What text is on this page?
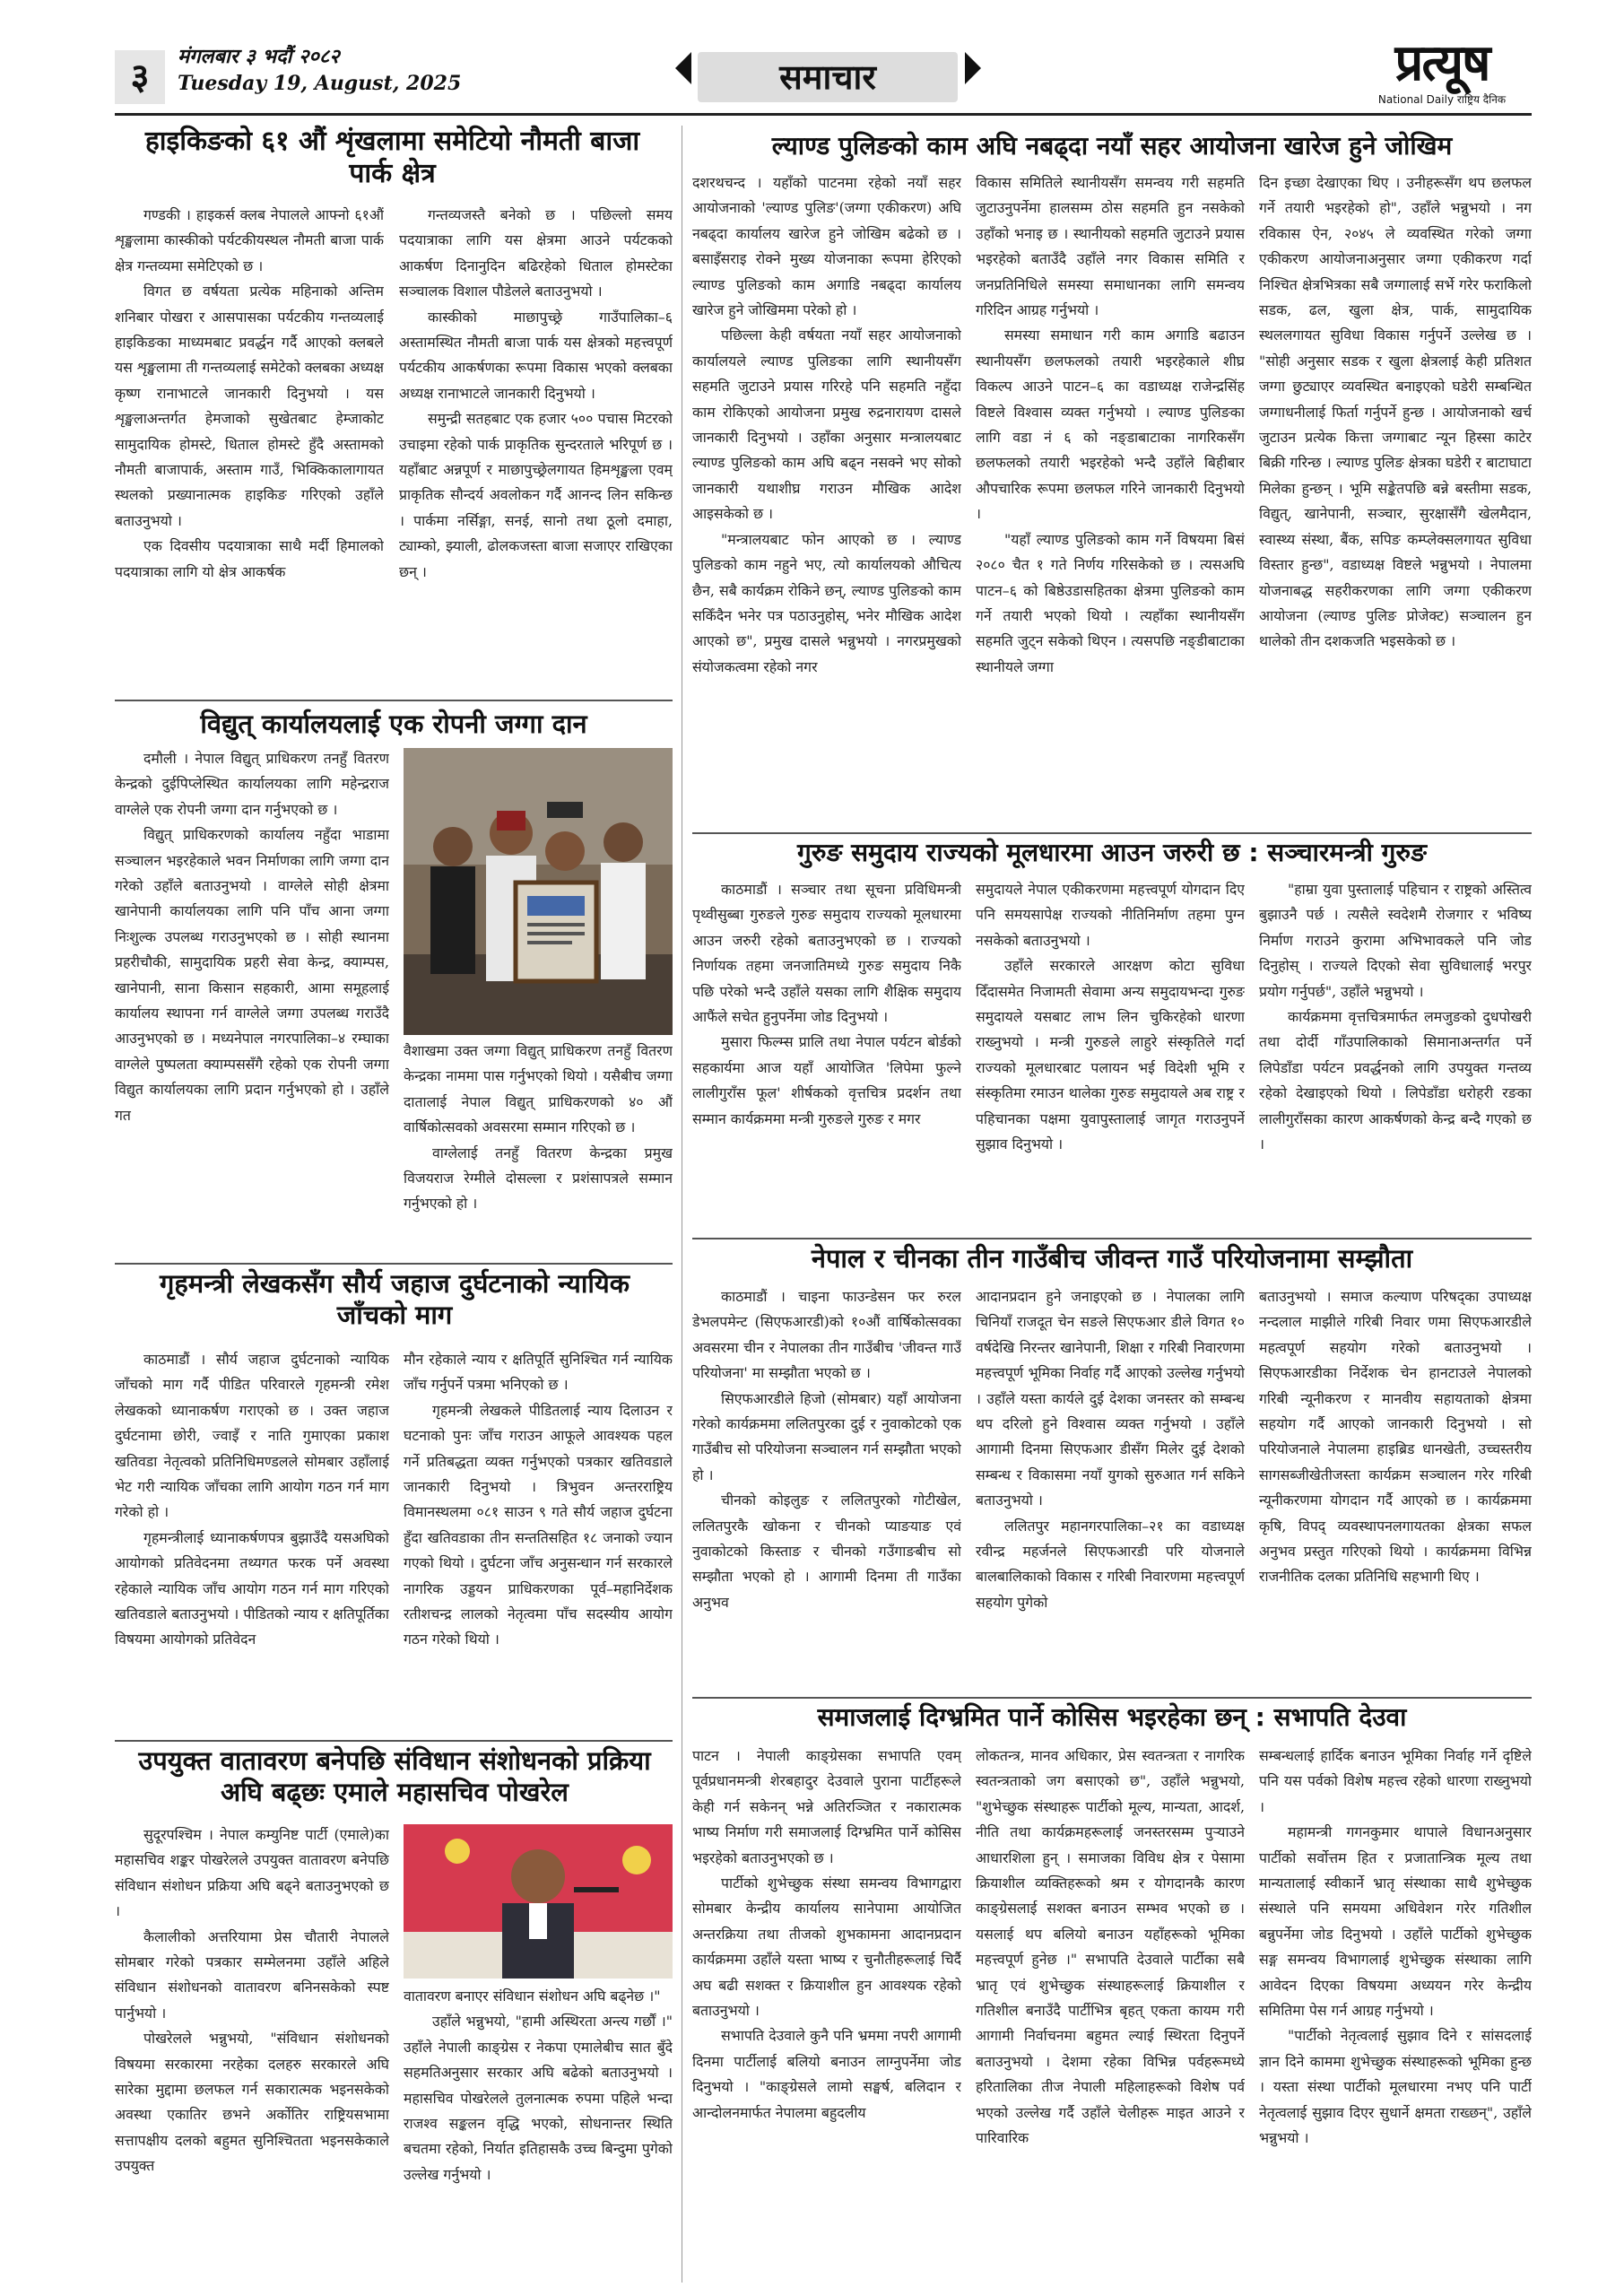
३	मंगलबार ३ भदौं २०८२
Tuesday 19, August, 2025	समाचार	प्रत्यूष
National Daily राष्ट्रिय दैनिक
हाइकिङको ६१ औं शृंखलामा समेटियो नौमती बाजा पार्क क्षेत्र

गण्डकी । हाइकर्स क्लब नेपालले आफ्नो ६१औं शृङ्खलामा कास्कीको पर्यटकीयस्थल नौमती बाजा पार्क क्षेत्र गन्तव्यमा समेटिएको छ ।

विगत छ वर्षयता प्रत्येक महिनाको अन्तिम शनिबार पोखरा र आसपासका पर्यटकीय गन्तव्यलाई हाइकिङका माध्यमबाट प्रवर्द्धन गर्दै आएको क्लबले यस शृङ्खलामा ती गन्तव्यलाई समेटेको क्लबका अध्यक्ष कृष्ण रानाभाटले जानकारी दिनुभयो । यस शृङ्खलाअन्तर्गत हेमजाको सुखेतबाट हेम्जाकोट सामुदायिक होमस्टे, धिताल होमस्टे हुँदै अस्तामको नौमती बाजापार्क, अस्ताम गाउँ, भिक्किकालागायत स्थलको प्रख्यानात्मक हाइकिङ गरिएको उहाँले बताउनुभयो ।

एक दिवसीय पदयात्राका साथै मर्दी हिमालको पदयात्राका लागि यो क्षेत्र आकर्षक

गन्तव्यजस्तै बनेको छ । पछिल्लो समय पदयात्राका लागि यस क्षेत्रमा आउने पर्यटकको आकर्षण दिनानुदिन बढिरहेको धिताल होमस्टेका सञ्चालक विशाल पौडेलले बताउनुभयो ।

कास्कीको माछापुच्छ्रे गाउँपालिका–६ अस्तामस्थित नौमती बाजा पार्क यस क्षेत्रको महत्त्वपूर्ण पर्यटकीय आकर्षणका रूपमा विकास भएको क्लबका अध्यक्ष रानाभाटले जानकारी दिनुभयो ।

समुन्द्री सतहबाट एक हजार ५०० पचास मिटरको उचाइमा रहेको पार्क प्राकृतिक सुन्दरताले भरिपूर्ण छ । यहाँबाट अन्नपूर्ण र माछापुच्छ्रेलगायत हिमशृङ्खला एवम् प्राकृतिक सौन्दर्य अवलोकन गर्दै आनन्द लिन सकिन्छ । पार्कमा नर्सिङ्गा, सनई, सानो तथा ठूलो दमाहा, ट्याम्को, झ्याली, ढोलकजस्ता बाजा सजाएर राखिएका छन् ।

विद्युत् कार्यालयलाई एक रोपनी जग्गा दान

दमौली । नेपाल विद्युत् प्राधिकरण तनहुँ वितरण केन्द्रको दुईपिप्लेस्थित कार्यालयका लागि महेन्द्रराज वाग्लेले एक रोपनी जग्गा दान गर्नुभएको छ ।

विद्युत् प्राधिकरणको कार्यालय नहुँदा भाडामा सञ्चालन भइरहेकाले भवन निर्माणका लागि जग्गा दान गरेको उहाँले बताउनुभयो । वाग्लेले सोही क्षेत्रमा खानेपानी कार्यालयका लागि पनि पाँच आना जग्गा निःशुल्क उपलब्ध गराउनुभएको छ । सोही स्थानमा प्रहरीचौकी, सामुदायिक प्रहरी सेवा केन्द्र, क्याम्पस, खानेपानी, साना किसान सहकारी, आमा समूहलाई कार्यालय स्थापना गर्न वाग्लेले जग्गा उपलब्ध गराउँदै आउनुभएको छ । मध्यनेपाल नगरपालिका–४ रम्घाका वाग्लेले पुष्पलता क्याम्पससँगै रहेको एक रोपनी जग्गा विद्युत कार्यालयका लागि प्रदान गर्नुभएको हो । उहाँले गत

वैशाखमा उक्त जग्गा विद्युत् प्राधिकरण तनहुँ वितरण केन्द्रका नाममा पास गर्नुभएको थियो । यसैबीच जग्गा दातालाई नेपाल विद्युत् प्राधिकरणको ४० औं वार्षिकोत्सवको अवसरमा सम्मान गरिएको छ ।
वाग्लेलाई तनहुँ वितरण केन्द्रका प्रमुख विजयराज रेग्मीले दोसल्ला र प्रशंसापत्रले सम्मान गर्नुभएको हो ।
गृहमन्त्री लेखकसँग सौर्य जहाज दुर्घटनाको न्यायिक जाँचको माग

काठमाडौं । सौर्य जहाज दुर्घटनाको न्यायिक जाँचको माग गर्दै पीडित परिवारले गृहमन्त्री रमेश लेखकको ध्यानाकर्षण गराएको छ । उक्त जहाज दुर्घटनामा छोरी, ज्वाइँ र नाति गुमाएका प्रकाश खतिवडा नेतृत्वको प्रतिनिधिमण्डलले सोमबार उहाँलाई भेट गरी न्यायिक जाँचका लागि आयोग गठन गर्न माग गरेको हो ।

गृहमन्त्रीलाई ध्यानाकर्षणपत्र बुझाउँदै यसअघिको आयोगको प्रतिवेदनमा तथ्यगत फरक पर्ने अवस्था रहेकाले न्यायिक जाँच आयोग गठन गर्न माग गरिएको खतिवडाले बताउनुभयो । पीडितको न्याय र क्षतिपूर्तिका विषयमा आयोगको प्रतिवेदन

मौन रहेकाले न्याय र क्षतिपूर्ति सुनिश्चित गर्न न्यायिक जाँच गर्नुपर्ने पत्रमा भनिएको छ ।

गृहमन्त्री लेखकले पीडितलाई न्याय दिलाउन र घटनाको पुनः जाँच गराउन आफूले आवश्यक पहल गर्ने प्रतिबद्धता व्यक्त गर्नुभएको पत्रकार खतिवडाले जानकारी दिनुभयो । त्रिभुवन अन्तरराष्ट्रिय विमानस्थलमा ०८१ साउन ९ गते सौर्य जहाज दुर्घटना हुँदा खतिवडाका तीन सन्ततिसहित १८ जनाको ज्यान गएको थियो । दुर्घटना जाँच अनुसन्धान गर्न सरकारले नागरिक उड्डयन प्राधिकरणका पूर्व–महानिर्देशक रतीशचन्द्र लालको नेतृत्वमा पाँच सदस्यीय आयोग गठन गरेको थियो ।

उपयुक्त वातावरण बनेपछि संविधान संशोधनको प्रक्रिया अघि बढ्छः एमाले महासचिव पोखरेल

सुदूरपश्चिम । नेपाल कम्युनिष्ट पार्टी (एमाले)का महासचिव शङ्कर पोखरेलले उपयुक्त वातावरण बनेपछि संविधान संशोधन प्रक्रिया अघि बढ्ने बताउनुभएको छ ।

कैलालीको अत्तरियामा प्रेस चौतारी नेपालले सोमबार गरेको पत्रकार सम्मेलनमा उहाँले अहिले संविधान संशोधनको वातावरण बनिनसकेको स्पष्ट पार्नुभयो ।

पोखरेलले भन्नुभयो, "संविधान संशोधनको विषयमा सरकारमा नरहेका दलहरु सरकारले अघि सारेका मुद्दामा छलफल गर्न सकारात्मक भइनसकेको अवस्था एकातिर छभने अर्कोतिर राष्ट्रियसभामा सत्तापक्षीय दलको बहुमत सुनिश्चितता भइनसकेकाले उपयुक्त

वातावरण बनाएर संविधान संशोधन अघि बढ्नेछ ।"
उहाँले भन्नुभयो, "हामी अस्थिरता अन्त्य गर्छौं ।" उहाँले नेपाली काङ्ग्रेस र नेकपा एमालेबीच सात बुँदे सहमतिअनुसार सरकार अघि बढेको बताउनुभयो । महासचिव पोखरेलले तुलनात्मक रुपमा पहिले भन्दा राजश्व सङ्कलन वृद्धि भएको, सोधनान्तर स्थिति बचतमा रहेको, निर्यात इतिहासकै उच्च बिन्दुमा पुगेको उल्लेख गर्नुभयो ।
ल्याण्ड पुलिङको काम अघि नबढ्दा नयाँ सहर आयोजना खारेज हुने जोखिम

दशरथचन्द । यहाँको पाटनमा रहेको नयाँ सहर आयोजनाको 'ल्याण्ड पुलिङ'(जग्गा एकीकरण) अघि नबढ्दा कार्यालय खारेज हुने जोखिम बढेको छ । बसाइँसराइ रोक्ने मुख्य योजनाका रूपमा हेरिएको ल्याण्ड पुलिङको काम अगाडि नबढ्दा कार्यालय खारेज हुने जोखिममा परेको हो ।

पछिल्ला केही वर्षयता नयाँ सहर आयोजनाको कार्यालयले ल्याण्ड पुलिङका लागि स्थानीयसँग सहमति जुटाउने प्रयास गरिरहे पनि सहमति नहुँदा काम रोकिएको आयोजना प्रमुख रुद्रनारायण दासले जानकारी दिनुभयो । उहाँका अनुसार मन्त्रालयबाट ल्याण्ड पुलिङको काम अघि बढ्न नसक्ने भए सोको जानकारी यथाशीघ्र गराउन मौखिक आदेश आइसकेको छ ।

"मन्त्रालयबाट फोन आएको छ । ल्याण्ड पुलिङको काम नहुने भए, त्यो कार्यालयको औचित्य छैन, सबै कार्यक्रम रोकिने छन्, ल्याण्ड पुलिङको काम सकिँदैन भनेर पत्र पठाउनुहोस्, भनेर मौखिक आदेश आएको छ", प्रमुख दासले भन्नुभयो । नगरप्रमुखको संयोजकत्वमा रहेको नगर

विकास समितिले स्थानीयसँग समन्वय गरी सहमति जुटाउनुपर्नेमा हालसम्म ठोस सहमति हुन नसकेको उहाँको भनाइ छ । स्थानीयको सहमति जुटाउने प्रयास भइरहेको बताउँदै उहाँले नगर विकास समिति र जनप्रतिनिधिले समस्या समाधानका लागि समन्वय गरिदिन आग्रह गर्नुभयो ।

समस्या समाधान गरी काम अगाडि बढाउन स्थानीयसँग छलफलको तयारी भइरहेकाले शीघ्र विकल्प आउने पाटन–६ का वडाध्यक्ष राजेन्द्रसिंह विष्टले विश्वास व्यक्त गर्नुभयो । ल्याण्ड पुलिङका लागि वडा नं ६ को नङ्डाबाटाका नागरिकसँग छलफलको तयारी भइरहेको भन्दै उहाँले बिहीबार औपचारिक रूपमा छलफल गरिने जानकारी दिनुभयो ।

"यहाँ ल्याण्ड पुलिङको काम गर्ने विषयमा बिसं २०८० चैत १ गते निर्णय गरिसकेको छ । त्यसअघि पाटन–६ को बिष्ठेउडासहितका क्षेत्रमा पुलिङको काम गर्ने तयारी भएको थियो । त्यहाँका स्थानीयसँग सहमति जुट्न सकेको थिएन । त्यसपछि नङ्डीबाटाका स्थानीयले जग्गा

दिन इच्छा देखाएका थिए । उनीहरूसँग थप छलफल गर्ने तयारी भइरहेको हो", उहाँले भन्नुभयो । नग रविकास ऐन, २०४५ ले व्यवस्थित गरेको जग्गा एकीकरण आयोजनाअनुसार जग्गा एकीकरण गर्दा निश्चित क्षेत्रभित्रका सबै जग्गालाई सर्भे गरेर फराकिलो सडक, ढल, खुला क्षेत्र, पार्क, सामुदायिक स्थललगायत सुविधा विकास गर्नुपर्ने उल्लेख छ । "सोही अनुसार सडक र खुला क्षेत्रलाई केही प्रतिशत जग्गा छुट्याएर व्यवस्थित बनाइएको घडेरी सम्बन्धित जग्गाधनीलाई फिर्ता गर्नुपर्ने हुन्छ । आयोजनाको खर्च जुटाउन प्रत्येक कित्ता जग्गाबाट न्यून हिस्सा काटेर बिक्री गरिन्छ । ल्याण्ड पुलिङ क्षेत्रका घडेरी र बाटाघाटा मिलेका हुन्छन् । भूमि सङ्केतपछि बन्ने बस्तीमा सडक, विद्युत्, खानेपानी, सञ्चार, सुरक्षासँगै खेलमैदान, स्वास्थ्य संस्था, बैंक, सपिङ कम्प्लेक्सलगायत सुविधा विस्तार हुन्छ", वडाध्यक्ष विष्टले भन्नुभयो । नेपालमा योजनाबद्ध सहरीकरणका लागि जग्गा एकीकरण आयोजना (ल्याण्ड पुलिङ प्रोजेक्ट) सञ्चालन हुन थालेको तीन दशकजति भइसकेको छ ।

गुरुङ समुदाय राज्यको मूलधारमा आउन जरुरी छ : सञ्चारमन्त्री गुरुङ

काठमाडौं । सञ्चार तथा सूचना प्रविधिमन्त्री पृथ्वीसुब्बा गुरुङले गुरुङ समुदाय राज्यको मूलधारमा आउन जरुरी रहेको बताउनुभएको छ । राज्यको निर्णायक तहमा जनजातिमध्ये गुरुङ समुदाय निकै पछि परेको भन्दै उहाँले यसका लागि शैक्षिक समुदाय आफैंले सचेत हुनुपर्नेमा जोड दिनुभयो ।

मुसारा फिल्म्स प्रालि तथा नेपाल पर्यटन बोर्डको सहकार्यमा आज यहाँ आयोजित 'लिपेमा फुल्ने लालीगुराँस फूल' शीर्षकको वृत्तचित्र प्रदर्शन तथा सम्मान कार्यक्रममा मन्त्री गुरुङले गुरुङ र मगर

समुदायले नेपाल एकीकरणमा महत्त्वपूर्ण योगदान दिए पनि समयसापेक्ष राज्यको नीतिनिर्माण तहमा पुग्न नसकेको बताउनुभयो ।

उहाँले सरकारले आरक्षण कोटा सुविधा दिँदासमेत निजामती सेवामा अन्य समुदायभन्दा गुरुङ समुदायले यसबाट लाभ लिन चुकिरहेको धारणा राख्नुभयो । मन्त्री गुरुङले लाहुरे संस्कृतिले गर्दा राज्यको मूलधारबाट पलायन भई विदेशी भूमि र संस्कृतिमा रमाउन थालेका गुरुङ समुदायले अब राष्ट्र र पहिचानका पक्षमा युवापुस्तालाई जागृत गराउनुपर्ने सुझाव दिनुभयो ।

"हाम्रा युवा पुस्तालाई पहिचान र राष्ट्रको अस्तित्व बुझाउनै पर्छ । त्यसैले स्वदेशमै रोजगार र भविष्य निर्माण गराउने कुरामा अभिभावकले पनि जोड दिनुहोस् । राज्यले दिएको सेवा सुविधालाई भरपुर प्रयोग गर्नुपर्छ", उहाँले भन्नुभयो ।

कार्यक्रममा वृत्तचित्रमार्फत लमजुङको दुधपोखरी तथा दोर्दी गाँउपालिकाको सिमानाअन्तर्गत पर्ने लिपेडाँडा पर्यटन प्रवर्द्धनको लागि उपयुक्त गन्तव्य रहेको देखाइएको थियो । लिपेडाँडा धरोहरी रङका लालीगुराँसका कारण आकर्षणको केन्द्र बन्दै गएको छ ।

नेपाल र चीनका तीन गाउँबीच जीवन्त गाउँ परियोजनामा सम्झौता

काठमाडौं । चाइना फाउन्डेसन फर रुरल डेभलपमेन्ट (सिएफआरडी)को १०औं वार्षिकोत्सवका अवसरमा चीन र नेपालका तीन गाउँबीच 'जीवन्त गाउँ परियोजना' मा सम्झौता भएको छ ।

सिएफआरडीले हिजो (सोमबार) यहाँ आयोजना गरेको कार्यक्रममा ललितपुरका दुई र नुवाकोटको एक गाउँबीच सो परियोजना सञ्चालन गर्न सम्झौता भएको हो ।

चीनको कोइलुङ र ललितपुरको गोटीखेल, ललितपुरकै खोकना र चीनको प्याङयाङ एवं नुवाकोटको किस्ताङ र चीनको गउँगाङबीच सो सम्झौता भएको हो । आगामी दिनमा ती गाउँका अनुभव

आदानप्रदान हुने जनाइएको छ । नेपालका लागि चिनियाँ राजदूत चेन सङले सिएफआर डीले विगत १० वर्षदेखि निरन्तर खानेपानी, शिक्षा र गरिबी निवारणमा महत्त्वपूर्ण भूमिका निर्वाह गर्दै आएको उल्लेख गर्नुभयो । उहाँले यस्ता कार्यले दुई देशका जनस्तर को सम्बन्ध थप दरिलो हुने विश्वास व्यक्त गर्नुभयो । उहाँले आगामी दिनमा सिएफआर डीसँग मिलेर दुई देशको सम्बन्ध र विकासमा नयाँ युगको सुरुआत गर्न सकिने बताउनुभयो ।

ललितपुर महानगरपालिका–२१ का वडाध्यक्ष रवीन्द्र महर्जनले सिएफआरडी परि योजनाले बालबालिकाको विकास र गरिबी निवारणमा महत्त्वपूर्ण सहयोग पुगेको

बताउनुभयो । समाज कल्याण परिषद्का उपाध्यक्ष नन्दलाल माझीले गरिबी निवार णमा सिएफआरडीले महत्वपूर्ण सहयोग गरेको बताउनुभयो । सिएफआरडीका निर्देशक चेन हानटाउले नेपालको गरिबी न्यूनीकरण र मानवीय सहायताको क्षेत्रमा सहयोग गर्दै आएको जानकारी दिनुभयो । सो परियोजनाले नेपालमा हाइब्रिड धानखेती, उच्चस्तरीय सागसब्जीखेतीजस्ता कार्यक्रम सञ्चालन गरेर गरिबी न्यूनीकरणमा योगदान गर्दै आएको छ । कार्यक्रममा कृषि, विपद् व्यवस्थापनलगायतका क्षेत्रका सफल अनुभव प्रस्तुत गरिएको थियो । कार्यक्रममा विभिन्न राजनीतिक दलका प्रतिनिधि सहभागी थिए ।

समाजलाई दिग्भ्रमित पार्ने कोसिस भइरहेका छन् : सभापति देउवा

पाटन । नेपाली काङ्ग्रेसका सभापति एवम् पूर्वप्रधानमन्त्री शेरबहादुर देउवाले पुराना पार्टीहरूले केही गर्न सकेनन् भन्ने अतिरञ्जित र नकारात्मक भाष्य निर्माण गरी समाजलाई दिग्भ्रमित पार्ने कोसिस भइरहेको बताउनुभएको छ ।

पार्टीको शुभेच्छुक संस्था समन्वय विभागद्वारा सोमबार केन्द्रीय कार्यालय सानेपामा आयोजित अन्तरक्रिया तथा तीजको शुभकामना आदानप्रदान कार्यक्रममा उहाँले यस्ता भाष्य र चुनौतीहरूलाई चिर्दै अघ बढी सशक्त र क्रियाशील हुन आवश्यक रहेको बताउनुभयो ।

सभापति देउवाले कुनै पनि भ्रममा नपरी आगामी दिनमा पार्टीलाई बलियो बनाउन लाग्नुपर्नेमा जोड दिनुभयो । "काङ्ग्रेसले लामो सङ्घर्ष, बलिदान र आन्दोलनमार्फत नेपालमा बहुदलीय

लोकतन्त्र, मानव अधिकार, प्रेस स्वतन्त्रता र नागरिक स्वतन्त्रताको जग बसाएको छ", उहाँले भन्नुभयो, "शुभेच्छुक संस्थाहरू पार्टीको मूल्य, मान्यता, आदर्श, नीति तथा कार्यक्रमहरूलाई जनस्तरसम्म पुऱ्याउने आधारशिला हुन् । समाजका विविध क्षेत्र र पेसामा क्रियाशील व्यक्तिहरूको श्रम र योगदानकै कारण काङ्ग्रेसलाई सशक्त बनाउन सम्भव भएको छ । यसलाई थप बलियो बनाउन यहाँहरूको भूमिका महत्त्वपूर्ण हुनेछ ।" सभापति देउवाले पार्टीका सबै भ्रातृ एवं शुभेच्छुक संस्थाहरूलाई क्रियाशील र गतिशील बनाउँदै पार्टीभित्र बृहत् एकता कायम गरी आगामी निर्वाचनमा बहुमत ल्याई स्थिरता दिनुपर्ने बताउनुभयो । देशमा रहेका विभिन्न पर्वहरूमध्ये हरितालिका तीज नेपाली महिलाहरूको विशेष पर्व भएको उल्लेख गर्दै उहाँले चेलीहरू माइत आउने र पारिवारिक

सम्बन्धलाई हार्दिक बनाउन भूमिका निर्वाह गर्ने दृष्टिले पनि यस पर्वको विशेष महत्त्व रहेको धारणा राख्नुभयो ।

महामन्त्री गगनकुमार थापाले विधानअनुसार पार्टीको सर्वोत्तम हित र प्रजातान्त्रिक मूल्य तथा मान्यतालाई स्वीकार्ने भ्रातृ संस्थाका साथै शुभेच्छुक संस्थाले पनि समयमा अधिवेशन गरेर गतिशील बन्नुपर्नेमा जोड दिनुभयो । उहाँले पार्टीको शुभेच्छुक सङ्ग समन्वय विभागलाई शुभेच्छुक संस्थाका लागि आवेदन दिएका विषयमा अध्ययन गरेर केन्द्रीय समितिमा पेस गर्न आग्रह गर्नुभयो ।

"पार्टीको नेतृत्वलाई सुझाव दिने र सांसदलाई ज्ञान दिने काममा शुभेच्छुक संस्थाहरूको भूमिका हुन्छ । यस्ता संस्था पार्टीको मूलधारमा नभए पनि पार्टी नेतृत्वलाई सुझाव दिएर सुधार्ने क्षमता राख्छन्", उहाँले भन्नुभयो ।
